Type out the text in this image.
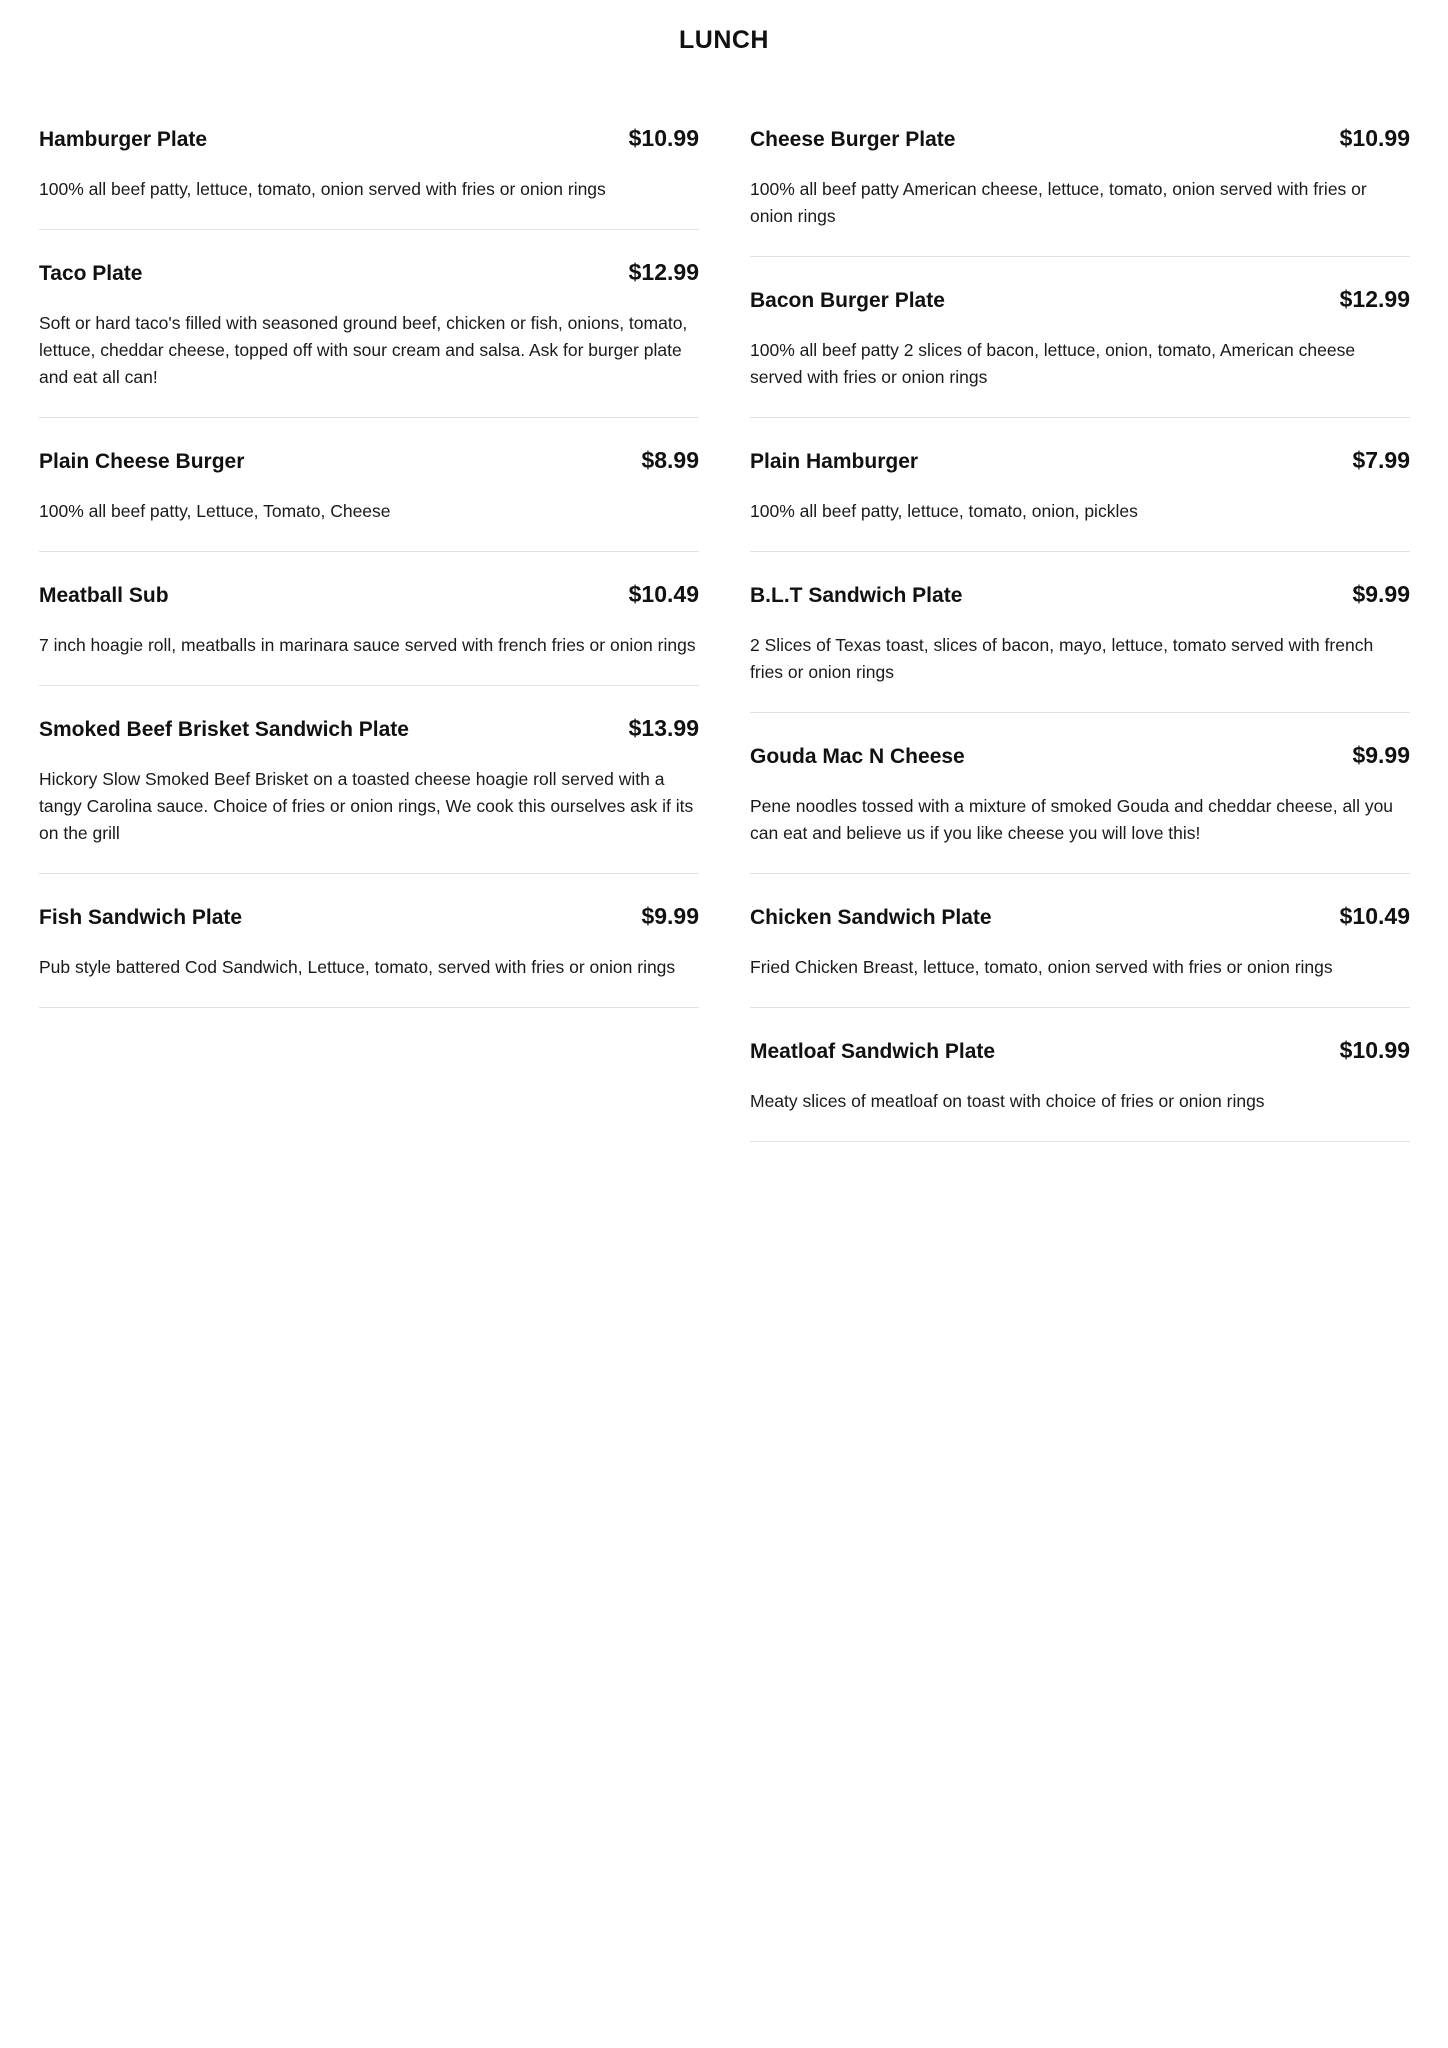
LUNCH
Hamburger Plate	$10.99
100% all beef patty, lettuce, tomato, onion served with fries or onion rings
Taco Plate	$12.99
Soft or hard taco's filled with seasoned ground beef, chicken or fish, onions, tomato, lettuce, cheddar cheese, topped off with sour cream and salsa. Ask for burger plate and eat all can!
Plain Cheese Burger	$8.99
100% all beef patty, Lettuce, Tomato, Cheese
Meatball Sub	$10.49
7 inch hoagie roll, meatballs in marinara sauce served with french fries or onion rings
Smoked Beef Brisket Sandwich Plate	$13.99
Hickory Slow Smoked Beef Brisket on a toasted cheese hoagie roll served with a tangy Carolina sauce. Choice of fries or onion rings, We cook this ourselves ask if its on the grill
Fish Sandwich Plate	$9.99
Pub style battered Cod Sandwich, Lettuce, tomato, served with fries or onion rings
Cheese Burger Plate	$10.99
100% all beef patty American cheese, lettuce, tomato, onion served with fries or onion rings
Bacon Burger Plate	$12.99
100% all beef patty 2 slices of bacon, lettuce, onion, tomato, American cheese served with fries or onion rings
Plain Hamburger	$7.99
100% all beef patty, lettuce, tomato, onion, pickles
B.L.T Sandwich Plate	$9.99
2 Slices of Texas toast, slices of bacon, mayo, lettuce, tomato served with french fries or onion rings
Gouda Mac N Cheese	$9.99
Pene noodles tossed with a mixture of smoked Gouda and cheddar cheese, all you can eat and believe us if you like cheese you will love this!
Chicken Sandwich Plate	$10.49
Fried Chicken Breast, lettuce, tomato, onion served with fries or onion rings
Meatloaf Sandwich Plate	$10.99
Meaty slices of meatloaf on toast with choice of fries or onion rings
